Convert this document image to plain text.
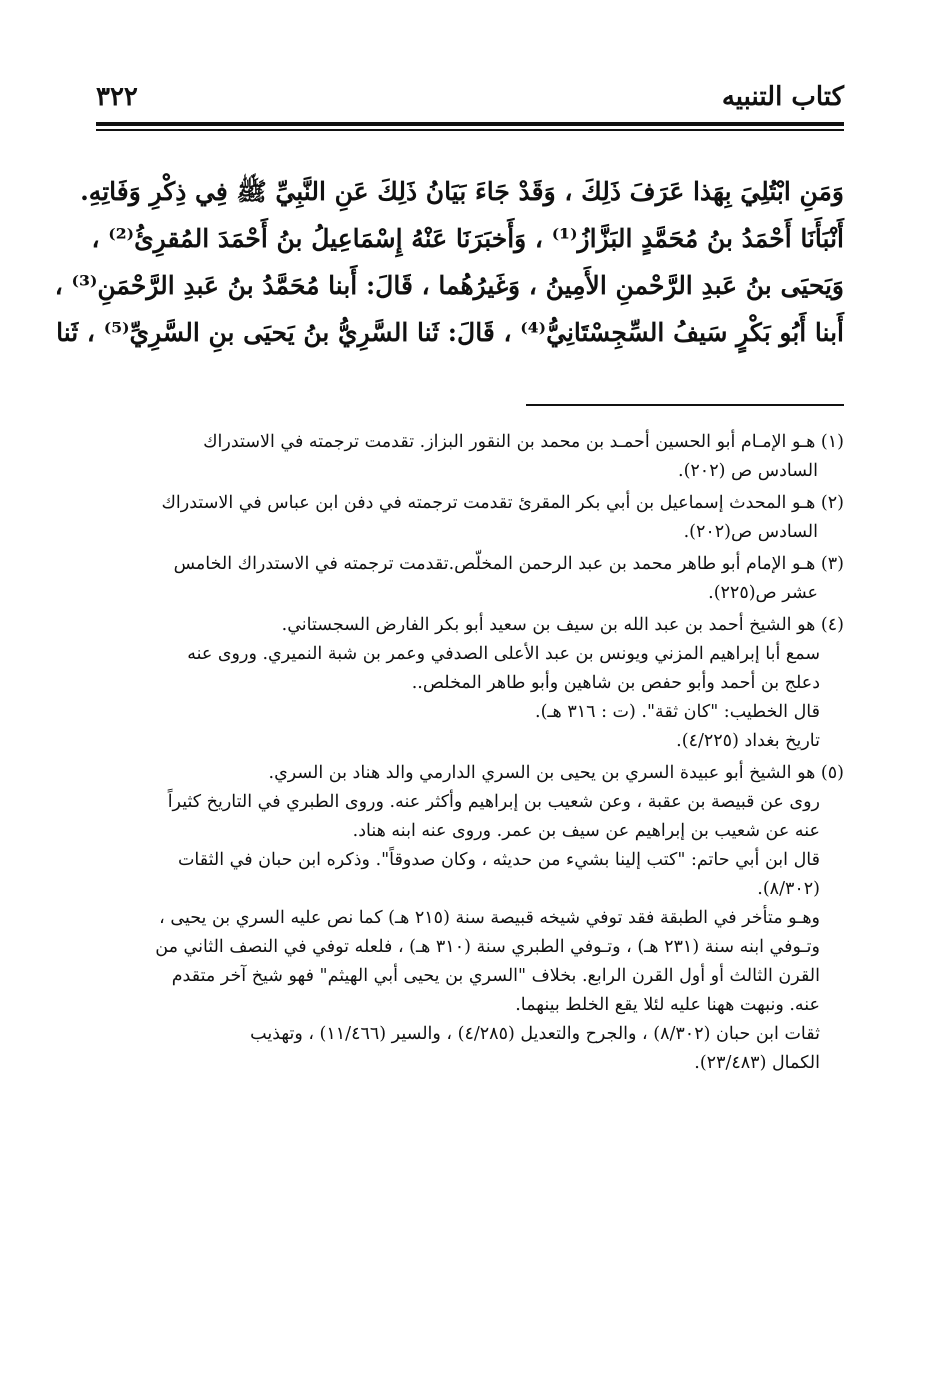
٣٢٢	كتاب التنبيه
وَمَنِ ابْتُلِيَ بِهَذا عَرَفَ ذَلِكَ ، وَقَدْ جَاءَ بَيَانُ ذَلِكَ عَنِ النَّبِيِّ ﷺ فِي ذِكْرِ وَفَاتِهِ.
أَنْبَأَنَا أَحْمَدُ بنُ مُحَمَّدٍ البَزَّازُ⁽¹⁾ ، وَأَخبَرَنَا عَنْهُ إِسْمَاعِيلُ بنُ أَحْمَدَ المُقرِئُ⁽²⁾ ،
وَيَحيَى بنُ عَبدِ الرَّحْمنِ الأَمِينُ ، وَغَيرُهُما ، قَالَ: أَبنا مُحَمَّدُ بنُ عَبدِ الرَّحْمَنِ⁽³⁾ ،
أَبنا أَبُو بَكْرٍ سَيفُ السِّجِسْتَانِيُّ⁽⁴⁾ ، قَالَ: ثَنا السَّرِيُّ بنُ يَحيَى بنِ السَّرِيِّ⁽⁵⁾ ، ثَنا
(١) هـو الإمـام أبو الحسين أحمـد بن محمد بن النقور البزاز. تقدمت ترجمته في الاستدراك
السادس ص (٢٠٢).
(٢) هـو المحدث إسماعيل بن أبي بكر المقرئ تقدمت ترجمته في دفن ابن عباس في الاستدراك
السادس ص(٢٠٢).
(٣) هـو الإمام أبو طاهر محمد بن عبد الرحمن المخلّص.تقدمت ترجمته في الاستدراك الخامس
عشر ص(٢٢٥).
(٤) هو الشيخ أحمد بن عبد الله بن سيف بن سعيد أبو بكر الفارض السجستاني.
سمع أبا إبراهيم المزني ويونس بن عبد الأعلى الصدفي وعمر بن شبة النميري. وروى عنه
دعلج بن أحمد وأبو حفص بن شاهين وأبو طاهر المخلص..
قال الخطيب: "كان ثقة". (ت : ٣١٦ هـ).
تاريخ بغداد (٤/٢٢٥).
(٥) هو الشيخ أبو عبيدة السري بن يحيى بن السري الدارمي والد هناد بن السري.
روى عن قبيصة بن عقبة ، وعن شعيب بن إبراهيم وأكثر عنه. وروى الطبري في التاريخ كثيراً
عنه عن شعيب بن إبراهيم عن سيف بن عمر. وروى عنه ابنه هناد.
قال ابن أبي حاتم: "كتب إلينا بشيء من حديثه ، وكان صدوقاً". وذكره ابن حبان في الثقات
(٨/٣٠٢).
وهـو متأخر في الطبقة فقد توفي شيخه قبيصة سنة (٢١٥ هـ) كما نص عليه السري بن يحيى ،
وتـوفي ابنه سنة (٢٣١ هـ) ، وتـوفي الطبري سنة (٣١٠ هـ) ، فلعله توفي في النصف الثاني من
القرن الثالث أو أول القرن الرابع. بخلاف "السري بن يحيى أبي الهيثم" فهو شيخ آخر متقدم
عنه. ونبهت ههنا عليه لئلا يقع الخلط بينهما.
ثقات ابن حبان (٨/٣٠٢) ، والجرح والتعديل (٤/٢٨٥) ، والسير (١١/٤٦٦) ، وتهذيب
الكمال (٢٣/٤٨٣).
